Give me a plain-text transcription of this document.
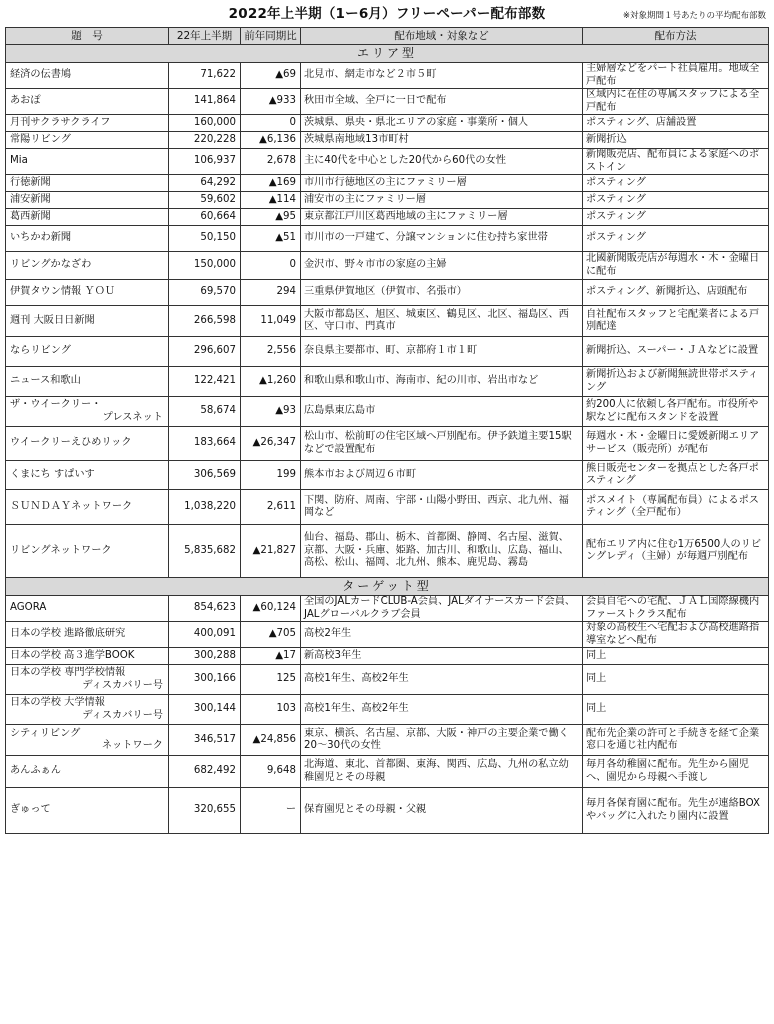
2022年上半期（1ー6月）フリーペーパー配布部数	※対象期間１号あたりの平均配布部数
題　号	22年上半期	前年同期比	配布地域・対象など	配布方法
エリア型				
経済の伝書鳩	71,622	▲69	北見市、網走市など２市５町	主婦層などをパート社員雇用。地域全戸配布
あおぽ	141,864	▲933	秋田市全域、全戸に一日で配布	区域内に在住の専属スタッフによる全戸配布
月刊サクラサクライフ	160,000	0	茨城県、県央・県北エリアの家庭・事業所・個人	ポスティング、店舗設置
常陽リビング	220,228	▲6,136	茨城県南地域13市町村	新聞折込
Mia	106,937	2,678	主に40代を中心とした20代から60代の女性	新聞販売店、配布員による家庭へのポストイン
行徳新聞	64,292	▲169	市川市行徳地区の主にファミリー層	ポスティング
浦安新聞	59,602	▲114	浦安市の主にファミリー層	ポスティング
葛西新聞	60,664	▲95	東京都江戸川区葛西地域の主にファミリー層	ポスティング
いちかわ新聞	50,150	▲51	市川市の一戸建て、分譲マンションに住む持ち家世帯	ポスティング
リビングかなざわ	150,000	0	金沢市、野々市市の家庭の主婦	北國新聞販売店が毎週水・木・金曜日に配布
伊賀タウン情報 ＹＯＵ	69,570	294	三重県伊賀地区（伊賀市、名張市）	ポスティング、新聞折込、店頭配布
週刊 大阪日日新聞	266,598	11,049	大阪市都島区、旭区、城東区、鶴見区、北区、福島区、西区、守口市、門真市	自社配布スタッフと宅配業者による戸別配達
ならリビング	296,607	2,556	奈良県主要都市、町、京都府１市１町	新聞折込、スーパー・ＪＡなどに設置
ニュース和歌山	122,421	▲1,260	和歌山県和歌山市、海南市、紀の川市、岩出市など	新聞折込および新聞無読世帯ポスティング
ザ・ウイークリー・
プレスネット	58,674	▲93	広島県東広島市	約200人に依頼し各戸配布。市役所や駅などに配布スタンドを設置
ウイークリーえひめリック	183,664	▲26,347	松山市、松前町の住宅区域へ戸別配布。伊予鉄道主要15駅などで設置配布	毎週水・木・金曜日に愛媛新聞エリアサービス（販売所）が配布
くまにち すぱいす	306,569	199	熊本市および周辺６市町	熊日販売センターを拠点とした各戸ポスティング
ＳＵＮＤＡＹネットワーク	1,038,220	2,611	下関、防府、周南、宇部・山陽小野田、西京、北九州、福岡など	ポスメイト（専属配布員）によるポスティング（全戸配布）
リビングネットワーク	5,835,682	▲21,827	仙台、福島、郡山、栃木、首都圏、静岡、名古屋、滋賀、京都、大阪・兵庫、姫路、加古川、和歌山、広島、福山、高松、松山、福岡、北九州、熊本、鹿児島、霧島	配布エリア内に住む1万6500人のリビングレディ（主婦）が毎週戸別配布
ターゲット型				
AGORA	854,623	▲60,124	全国のJALカードCLUB-A会員、JALダイナースカード会員、JALグローバルクラブ会員	会員自宅への宅配、ＪＡＬ国際線機内ファーストクラス配布
日本の学校 進路徹底研究	400,091	▲705	高校2年生	対象の高校生へ宅配および高校進路指導室などへ配布
日本の学校 高３進学BOOK	300,288	▲17	新高校3年生	同上
日本の学校 専門学校情報
ディスカバリー号	300,166	125	高校1年生、高校2年生	同上
日本の学校 大学情報
ディスカバリー号	300,144	103	高校1年生、高校2年生	同上
シティリビング
ネットワーク	346,517	▲24,856	東京、横浜、名古屋、京都、大阪・神戸の主要企業で働く20～30代の女性	配布先企業の許可と手続きを経て企業窓口を通じ社内配布
あんふぁん	682,492	9,648	北海道、東北、首都圏、東海、関西、広島、九州の私立幼稚園児とその母親	毎月各幼稚園に配布。先生から園児へ、園児から母親へ手渡し
ぎゅって	320,655	ー	保育園児とその母親・父親	毎月各保育園に配布。先生が連絡BOXやバッグに入れたり園内に設置
